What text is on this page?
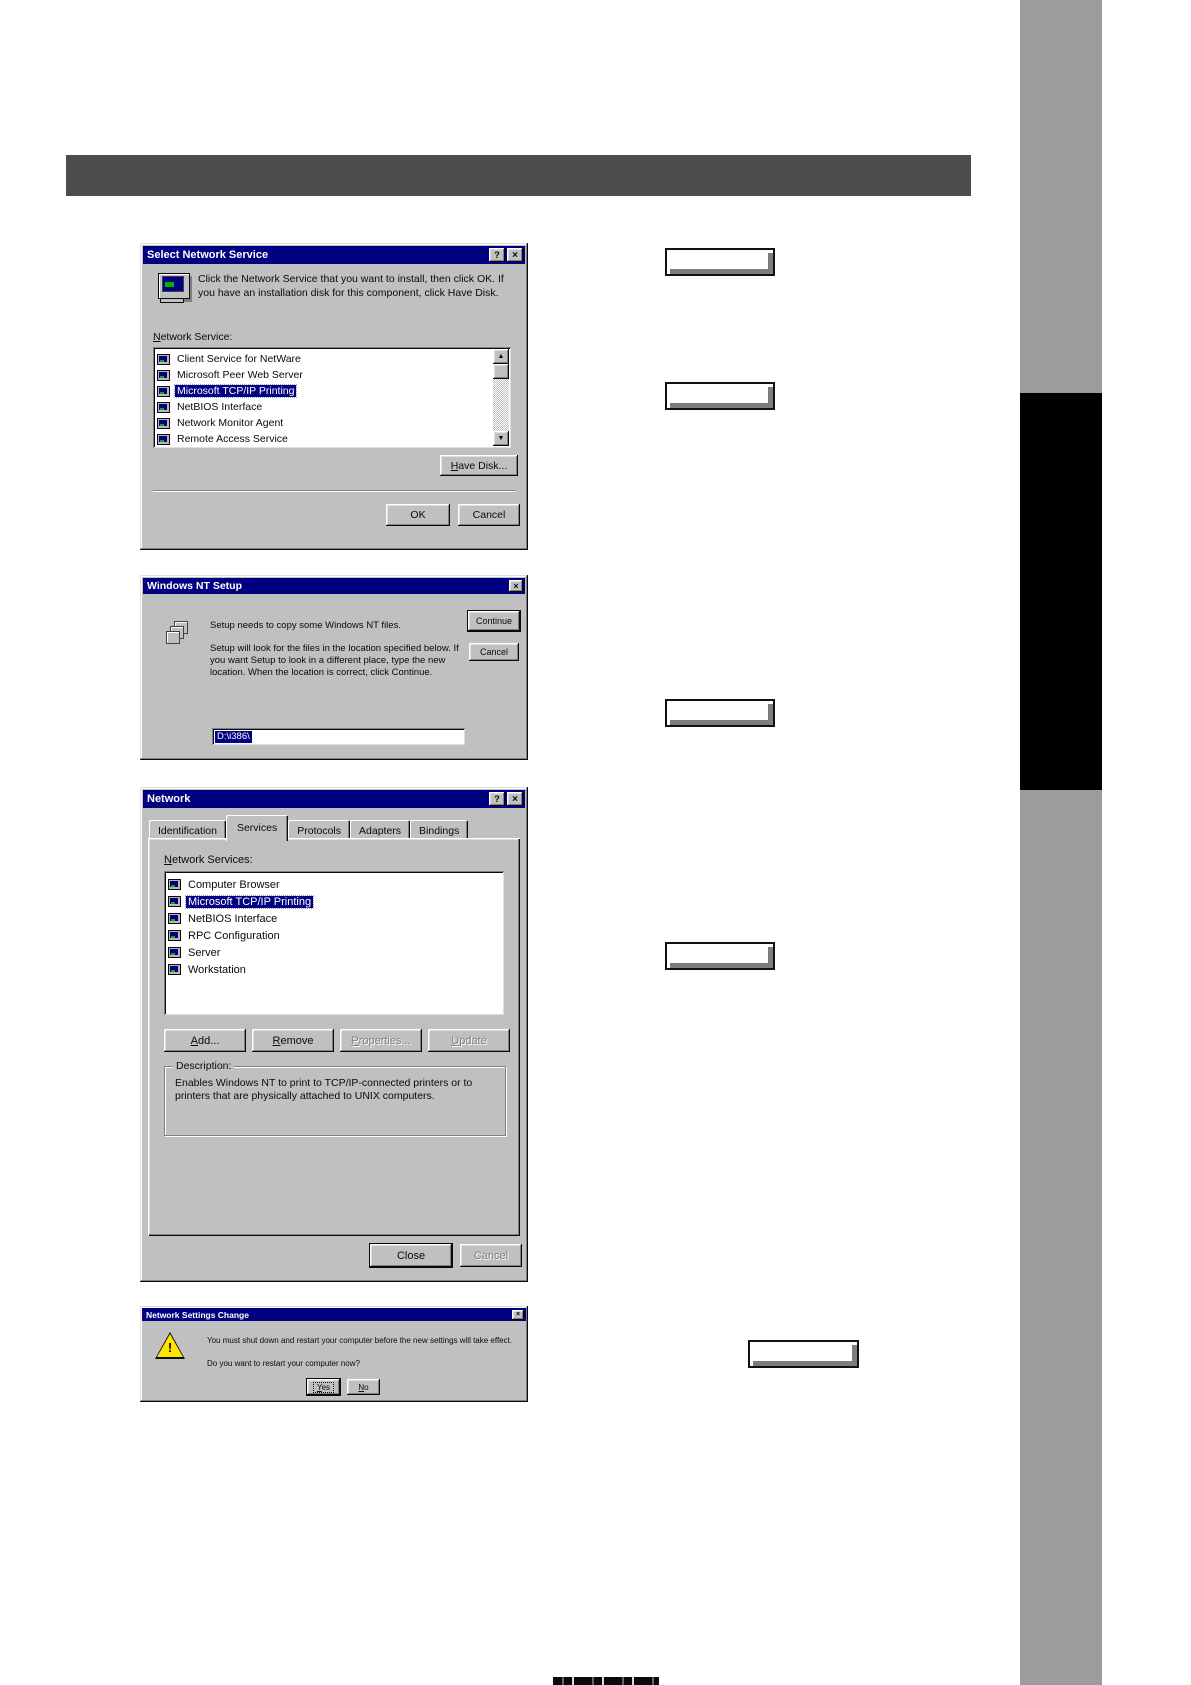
Select Network Service	? ×
Click the Network Service that you want to install, then click OK. If you have an installation disk for this component, click Have Disk.
Network Service:
Client Service for NetWare
Microsoft Peer Web Server
Microsoft TCP/IP Printing
NetBIOS Interface
Network Monitor Agent
Remote Access Service
▲
▼
Have Disk...
OK	Cancel
Windows NT Setup	×
Setup needs to copy some Windows NT files.
Setup will look for the files in the location specified below. If you want Setup to look in a different place, type the new location. When the location is correct, click Continue.
Continue
Cancel
D:\i386\
Network	? ×
Identification Services Protocols Adapters Bindings
Network Services:
Computer Browser
Microsoft TCP/IP Printing
NetBIOS Interface
RPC Configuration
Server
Workstation
Add...	Remove	Properties...	Update
Description:
Enables Windows NT to print to TCP/IP-connected printers or to printers that are physically attached to UNIX computers.
Close	Cancel
Network Settings Change	×
!	You must shut down and restart your computer before the new settings will take effect.
Do you want to restart your computer now?
Yes	No
